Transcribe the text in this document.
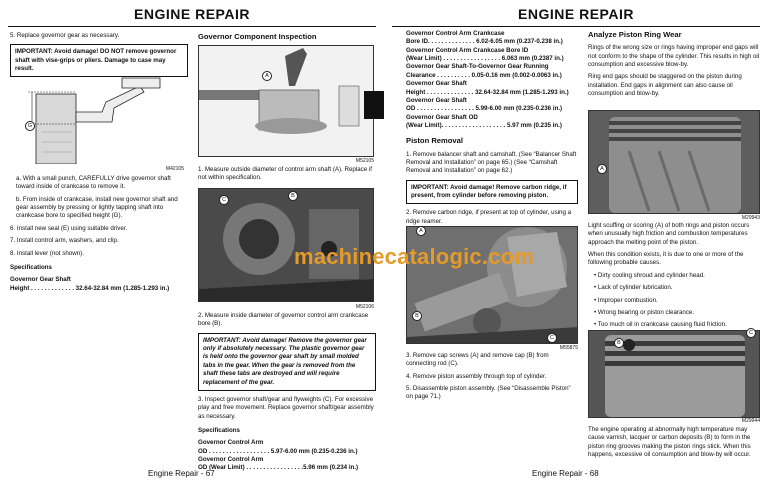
ENGINE REPAIR

5. Replace governor gear as necessary.

IMPORTANT: Avoid damage! DO NOT remove governor shaft with vise-grips or pliers. Damage to case may result.
G
M42105

a. With a small punch, CAREFULLY drive governor shaft toward inside of crankcase to remove it.

b. From inside of crankcase, install new governor shaft and gear assembly by pressing or lightly tapping shaft into crankcase bore to specified height (G).

6. Install new seal (E) using suitable driver.

7. Install control arm, washers, and clip.

8. Install lever (not shown).

Specifications

Governor Gear Shaft

Height . . . . . . . . . . . . . 32.64-32.84 mm (1.285-1.293 in.)

Governor Component Inspection
A
M52105

1. Measure outside diameter of control arm shaft (A). Replace if not within specification.

C
B
M52106

2. Measure inside diameter of governor control arm crankcase bore (B).

IMPORTANT: Avoid damage! Remove the governor gear only if absolutely necessary. The plastic governor gear is held onto the governor gear shaft by small molded tabs in the gear. When the gear is removed from the shaft these tabs are destroyed and will require replacement of the gear.

3. Inspect governor shaft/gear and flyweights (C). For excessive play and free movement. Replace governor shaft/gear assembly as necessary.

Specifications

Governor Control Arm

OD . . . . . . . . . . . . . . . . . . 5.97-6.00 mm (0.235-0.236 in.)

Governor Control Arm

OD (Wear Limit) . . . . . . . . . . . . . . . . .5.96 mm (0.234 in.)

Engine Repair - 67
ENGINE REPAIR

Governor Control Arm Crankcase

Bore ID. . . . . . . . . . . . . . 6.02-6.05 mm (0.237-0.238 in.)

Governor Control Arm Crankcase Bore ID

(Wear Limit) . . . . . . . . . . . . . . . . . 6.063 mm (0.2387 in.)

Governor Gear Shaft-To-Governor Gear Running

Clearance . . . . . . . . . . 0.05-0.16 mm (0.002-0.0063 in.)

Governor Gear Shaft

Height . . . . . . . . . . . . . . 32.64-32.84 mm (1.285-1.293 in.)

Governor Gear Shaft

OD . . . . . . . . . . . . . . . . . 5.99-6.00 mm (0.235-0.236 in.)

Governor Gear Shaft OD

(Wear Limit). . . . . . . . . . . . . . . . . . . 5.97 mm (0.235 in.)

Piston Removal

1. Remove balancer shaft and camshaft. (See “Balancer Shaft Removal and Installation” on page 65.) (See “Camshaft Removal and Installation” on page 62.)

IMPORTANT: Avoid damage! Remove carbon ridge, if present, from cylinder before removing piston.

2. Remove carbon ridge, if present at top of cylinder, using a ridge reamer.

A
B
C
M55875

3. Remove cap screws (A) and remove cap (B) from connecting rod (C).

4. Remove piston assembly through top of cylinder.

5. Disassemble piston assembly. (See “Disassemble Piston” on page 71.)

Analyze Piston Ring Wear

Rings of the wrong size or rings having improper end gaps will not conform to the shape of the cylinder. This results in high oil consumption and excessive blow-by.

Ring end gaps should be staggered on the piston during installation. End gaps in alignment can also cause oil consumption and blow-by.

A
M29943

Light scuffing or scoring (A) of both rings and piston occurs when unusually high friction and combustion temperatures approach the melting point of the piston.

When this condition exists, it is due to one or more of the following probable causes.

• Dirty cooling shroud and cylinder head.

• Lack of cylinder lubrication.

• Improper combustion.

• Wrong bearing or piston clearance.

• Too much oil in crankcase causing fluid friction.

B
C
M29944

The engine operating at abnormally high temperature may cause varnish, lacquer or carbon deposits (B) to form in the piston ring grooves making the piston rings stick. When this happens, excessive oil consumption and blow-by will occur.

Engine Repair - 68
machinecatalogic.com
